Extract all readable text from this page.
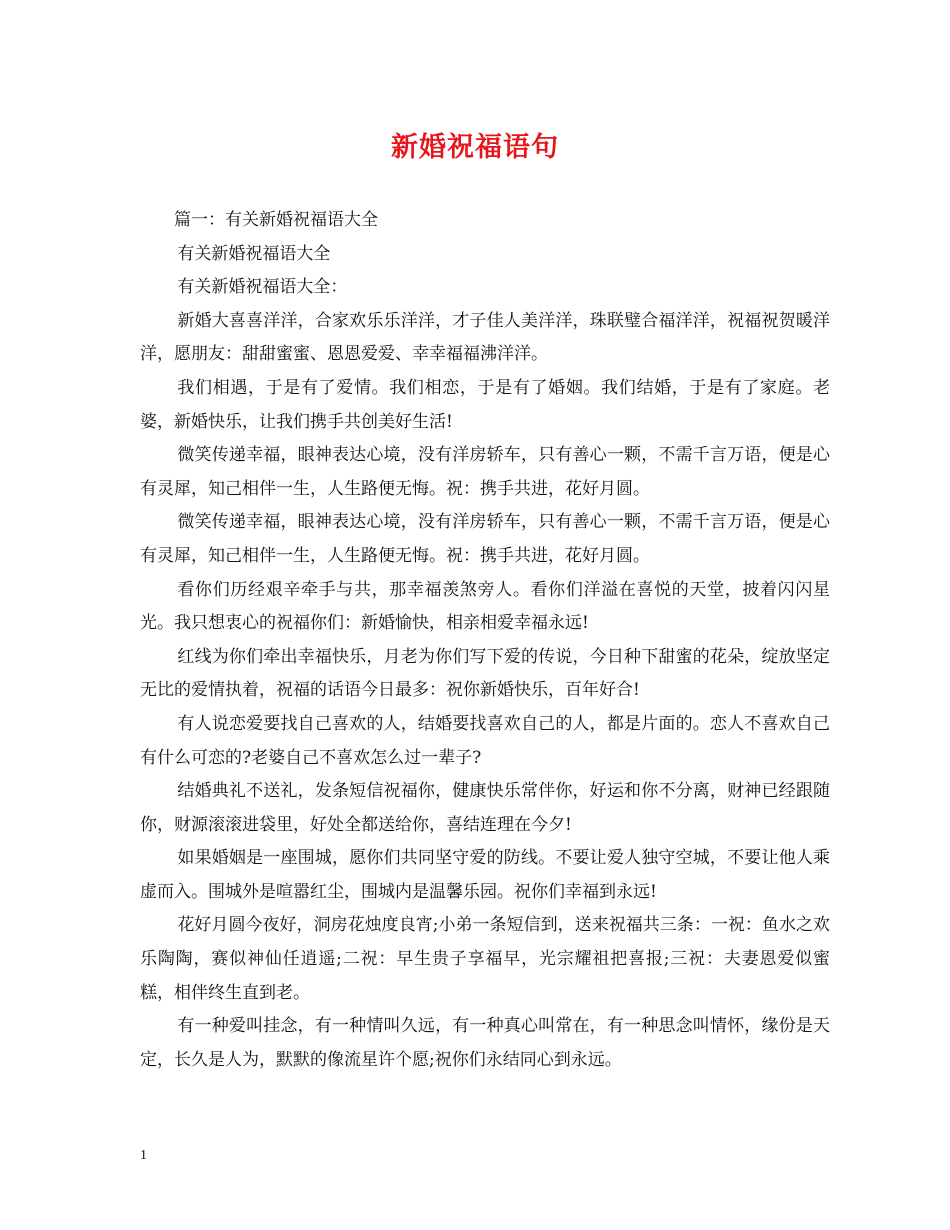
新婚祝福语句

篇一：有关新婚祝福语大全

有关新婚祝福语大全

有关新婚祝福语大全：

新婚大喜喜洋洋，合家欢乐乐洋洋，才子佳人美洋洋，珠联璧合福洋洋，祝福祝贺暖洋洋，愿朋友：甜甜蜜蜜、恩恩爱爱、幸幸福福沸洋洋。

我们相遇，于是有了爱情。我们相恋，于是有了婚姻。我们结婚，于是有了家庭。老婆，新婚快乐，让我们携手共创美好生活!

微笑传递幸福，眼神表达心境，没有洋房轿车，只有善心一颗，不需千言万语，便是心有灵犀，知己相伴一生，人生路便无悔。祝：携手共进，花好月圆。

微笑传递幸福，眼神表达心境，没有洋房轿车，只有善心一颗，不需千言万语，便是心有灵犀，知己相伴一生，人生路便无悔。祝：携手共进，花好月圆。

看你们历经艰辛牵手与共，那幸福羡煞旁人。看你们洋溢在喜悦的天堂，披着闪闪星光。我只想衷心的祝福你们：新婚愉快，相亲相爱幸福永远!

红线为你们牵出幸福快乐，月老为你们写下爱的传说，今日种下甜蜜的花朵，绽放坚定无比的爱情执着，祝福的话语今日最多：祝你新婚快乐，百年好合!

有人说恋爱要找自己喜欢的人，结婚要找喜欢自己的人，都是片面的。恋人不喜欢自己有什么可恋的?老婆自己不喜欢怎么过一辈子?

结婚典礼不送礼，发条短信祝福你，健康快乐常伴你，好运和你不分离，财神已经跟随你，财源滚滚进袋里，好处全都送给你，喜结连理在今夕!

如果婚姻是一座围城，愿你们共同坚守爱的防线。不要让爱人独守空城，不要让他人乘虚而入。围城外是喧嚣红尘，围城内是温馨乐园。祝你们幸福到永远!

花好月圆今夜好，洞房花烛度良宵;小弟一条短信到，送来祝福共三条：一祝：鱼水之欢乐陶陶，赛似神仙任逍遥;二祝：早生贵子享福早，光宗耀祖把喜报;三祝：夫妻恩爱似蜜糕，相伴终生直到老。

有一种爱叫挂念，有一种情叫久远，有一种真心叫常在，有一种思念叫情怀，缘份是天定，长久是人为，默默的像流星许个愿;祝你们永结同心到永远。

1
